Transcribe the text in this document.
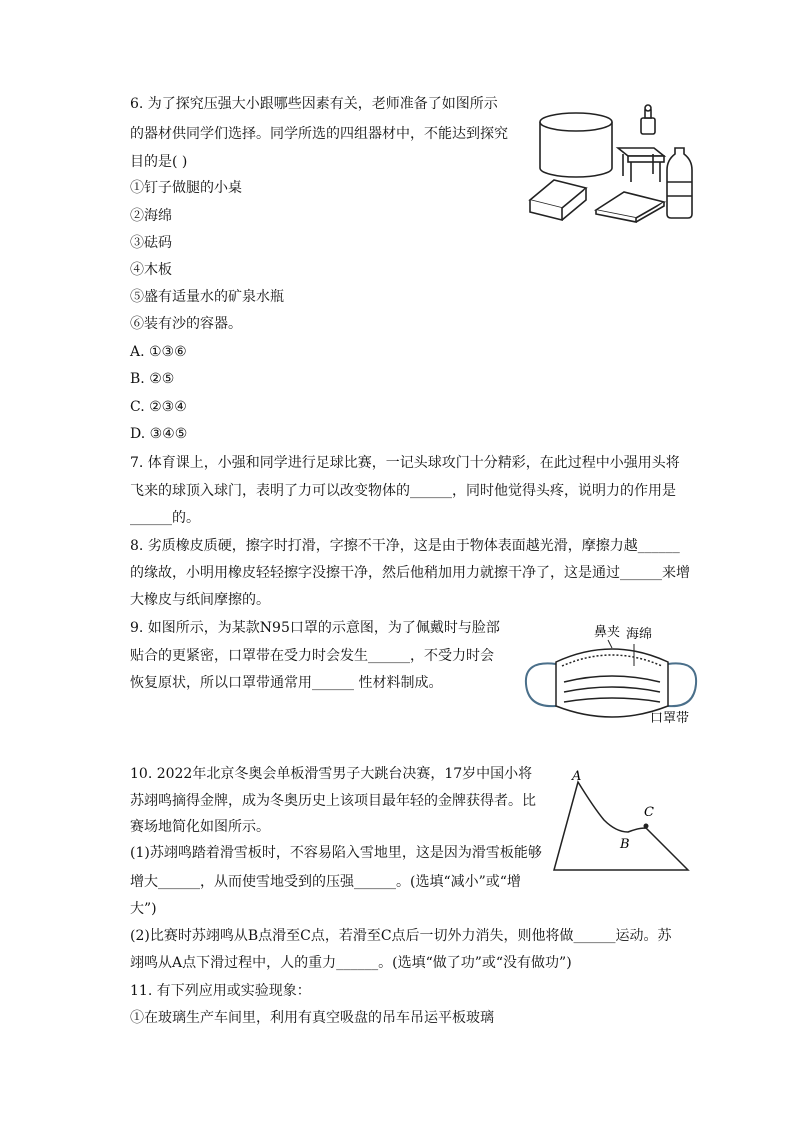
6. 为了探究压强大小跟哪些因素有关，老师准备了如图所示
的器材供同学们选择。同学所选的四组器材中，不能达到探究
目的是( )
①钉子做腿的小桌
②海绵
③砝码
④木板
⑤盛有适量水的矿泉水瓶
⑥装有沙的容器。
A. ①③⑥
B. ②⑤
C. ②③④
D. ③④⑤
7. 体育课上，小强和同学进行足球比赛，一记头球攻门十分精彩，在此过程中小强用头将
飞来的球顶入球门，表明了力可以改变物体的______，同时他觉得头疼，说明力的作用是
______的。
8. 劣质橡皮质硬，擦字时打滑，字擦不干净，这是由于物体表面越光滑，摩擦力越______
的缘故，小明用橡皮轻轻擦字没擦干净，然后他稍加用力就擦干净了，这是通过______来增
大橡皮与纸间摩擦的。
9. 如图所示，为某款N95口罩的示意图，为了佩戴时与脸部
贴合的更紧密，口罩带在受力时会发生______，不受力时会
恢复原状，所以口罩带通常用______ 性材料制成。
鼻夹 海绵
口罩带
10. 2022年北京冬奥会单板滑雪男子大跳台决赛，17岁中国小将
苏翊鸣摘得金牌，成为冬奥历史上该项目最年轻的金牌获得者。比
赛场地简化如图所示。
(1)苏翊鸣踏着滑雪板时，不容易陷入雪地里，这是因为滑雪板能够
增大______，从而使雪地受到的压强______。(选填“减小”或“增
大”)
(2)比赛时苏翊鸣从B点滑至C点，若滑至C点后一切外力消失，则他将做______运动。苏
翊鸣从A点下滑过程中，人的重力______。(选填“做了功”或“没有做功”)
A
B
C
11. 有下列应用或实验现象：
①在玻璃生产车间里，利用有真空吸盘的吊车吊运平板玻璃
